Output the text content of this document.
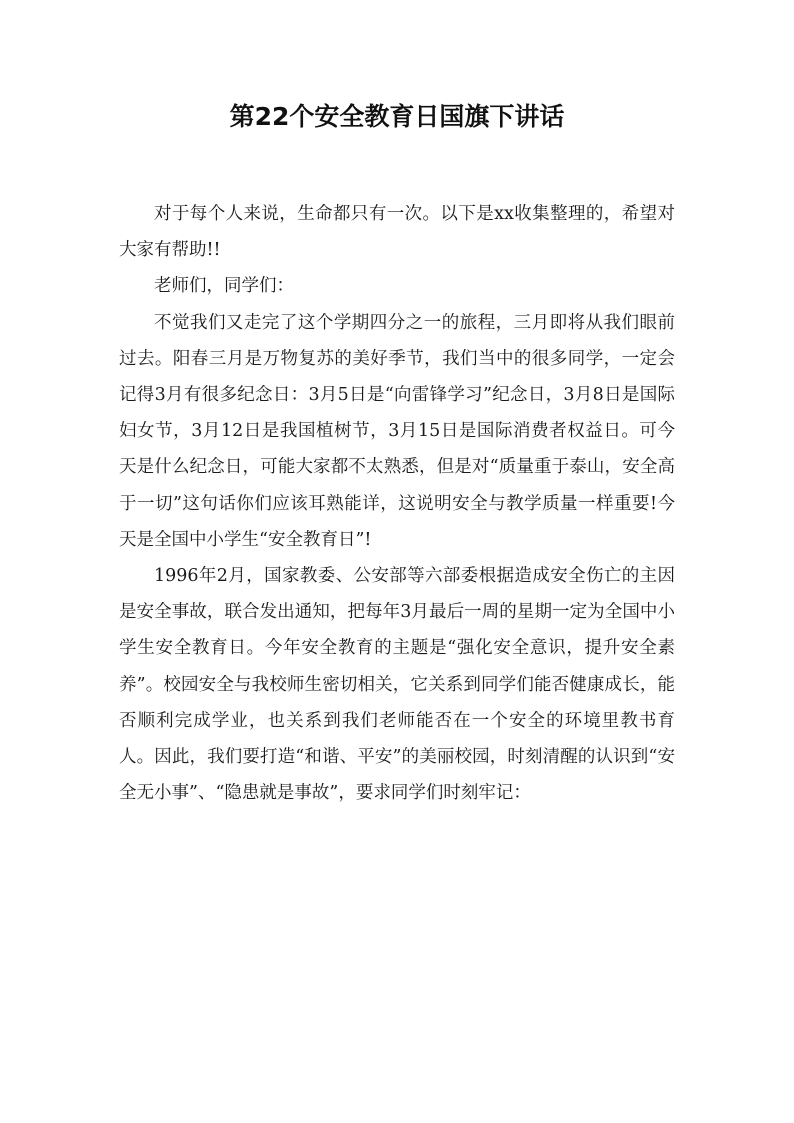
第22个安全教育日国旗下讲话

对于每个人来说，生命都只有一次。以下是xx收集整理的，希望对大家有帮助!!

老师们，同学们：

不觉我们又走完了这个学期四分之一的旅程，三月即将从我们眼前过去。阳春三月是万物复苏的美好季节，我们当中的很多同学，一定会记得3月有很多纪念日：3月5日是“向雷锋学习”纪念日，3月8日是国际妇女节，3月12日是我国植树节，3月15日是国际消费者权益日。可今天是什么纪念日，可能大家都不太熟悉，但是对“质量重于泰山，安全高于一切”这句话你们应该耳熟能详，这说明安全与教学质量一样重要!今天是全国中小学生“安全教育日”!

1996年2月，国家教委、公安部等六部委根据造成安全伤亡的主因是安全事故，联合发出通知，把每年3月最后一周的星期一定为全国中小学生安全教育日。今年安全教育的主题是“强化安全意识，提升安全素养”。校园安全与我校师生密切相关，它关系到同学们能否健康成长，能否顺利完成学业，也关系到我们老师能否在一个安全的环境里教书育人。因此，我们要打造“和谐、平安”的美丽校园，时刻清醒的认识到“安全无小事”、“隐患就是事故”，要求同学们时刻牢记：
